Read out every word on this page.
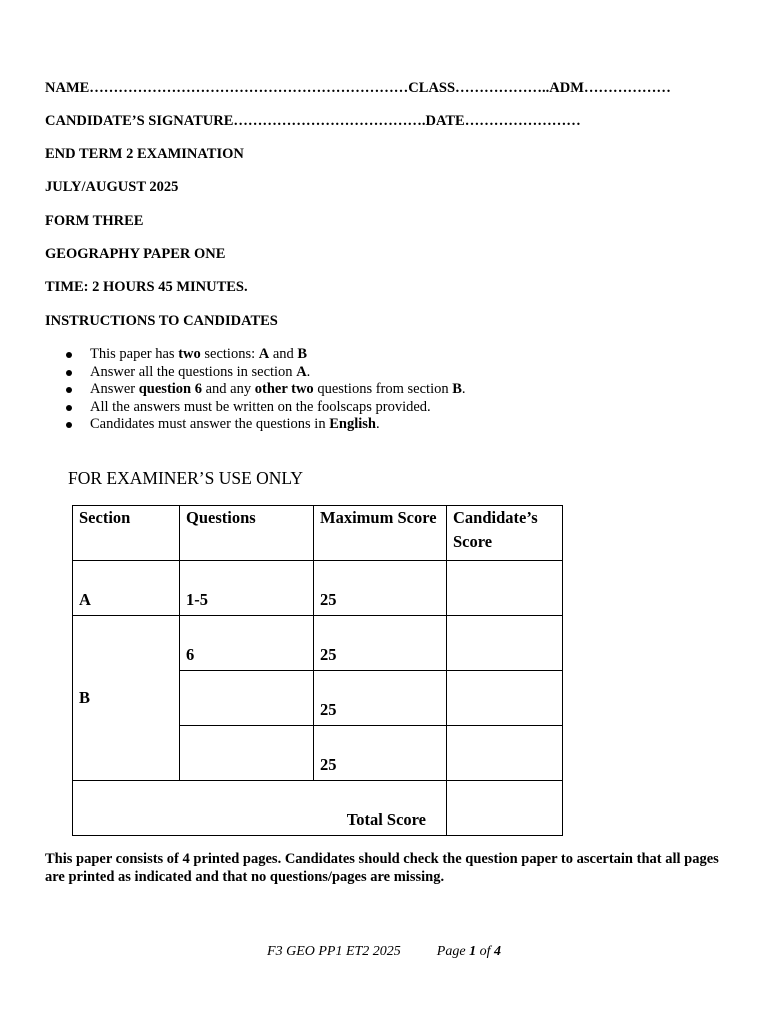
NAME…………………………………………………………CLASS………………..ADM………………
CANDIDATE’S SIGNATURE………………………………….DATE……………………
END TERM 2 EXAMINATION
JULY/AUGUST 2025
FORM THREE
GEOGRAPHY PAPER ONE
TIME: 2 HOURS 45 MINUTES.
INSTRUCTIONS TO CANDIDATES
This paper has two sections: A and B
Answer all the questions in section A.
Answer question 6 and any other two questions from section B.
All the answers must be written on the foolscaps provided.
Candidates must answer the questions in English.
FOR EXAMINER’S USE ONLY
Section	Questions	Maximum Score	Candidate’s Score
A	1-5	25	
B	6	25	
		25	
		25	
Total Score			
This paper consists of 4 printed pages. Candidates should check the question paper to ascertain that all pages are printed as indicated and that no questions/pages are missing.
F3 GEO PP1 ET2 2025	Page 1 of 4
